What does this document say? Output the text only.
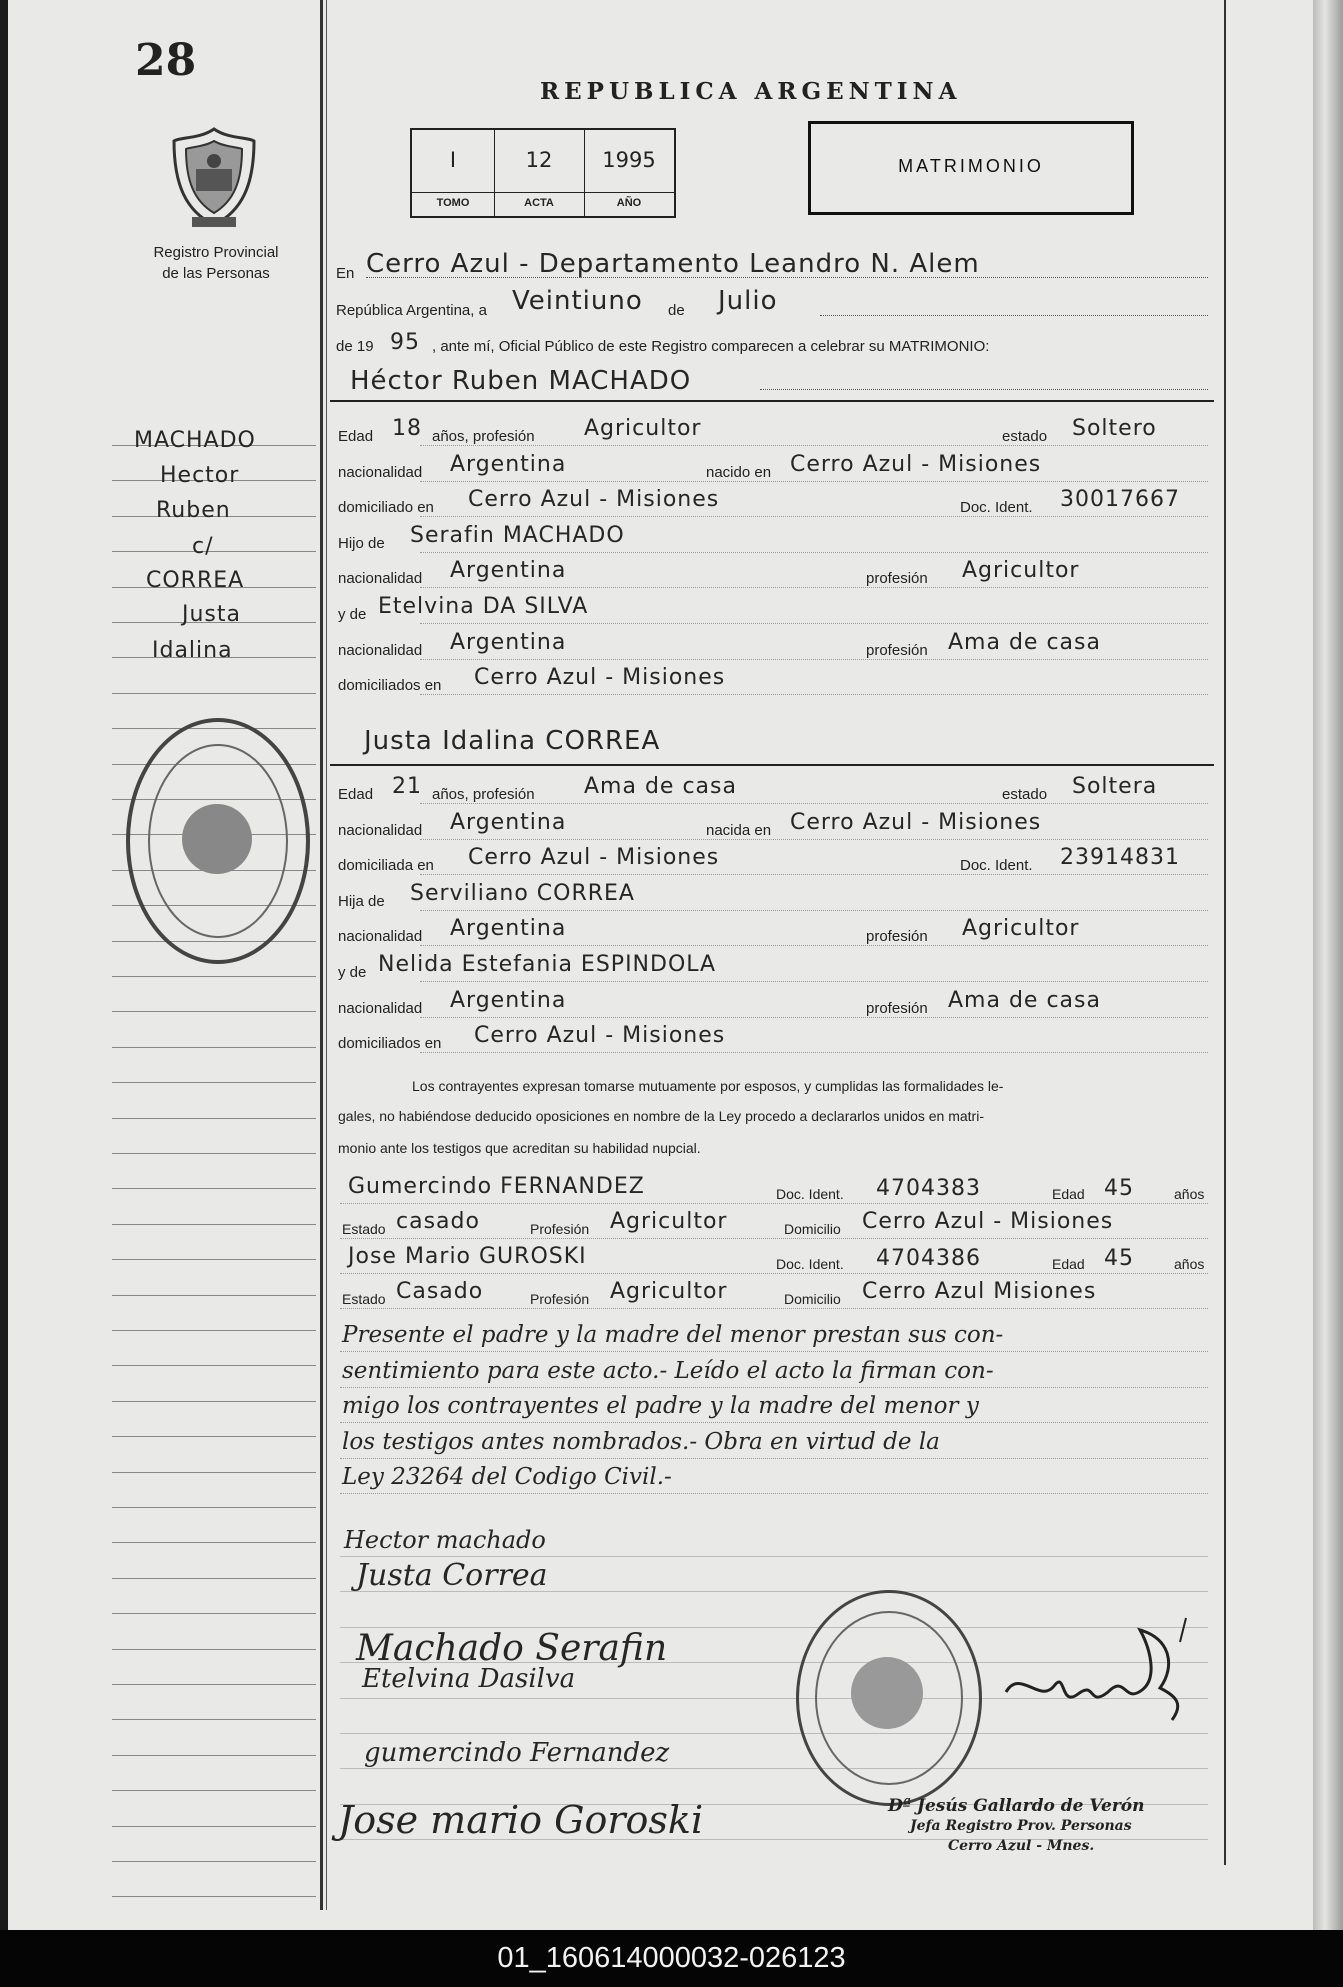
28
Registro Provincial
de las Personas
REPUBLICA ARGENTINA
I
TOMO
12
ACTA
1995
AÑO
MATRIMONIO
MACHADO
Hector
Ruben
c/
CORREA
Justa
Idalina
En Cerro Azul - Departamento Leandro N. Alem
República Argentina, a Veintiuno de Julio
de 19 95 , ante mí, Oficial Público de este Registro comparecen a celebrar su MATRIMONIO:
Héctor Ruben MACHADO
Edad 18 años, profesión Agricultor	estado Soltero
nacionalidad Argentina	nacido en Cerro Azul - Misiones
domiciliado en Cerro Azul - Misiones	Doc. Ident. 30017667
Hijo de Serafin MACHADO
nacionalidad Argentina	profesión Agricultor
y de Etelvina DA SILVA
nacionalidad Argentina	profesión Ama de casa
domiciliados en Cerro Azul - Misiones
Justa Idalina CORREA
Edad 21 años, profesión Ama de casa	estado Soltera
nacionalidad Argentina	nacida en Cerro Azul - Misiones
domiciliada en Cerro Azul - Misiones	Doc. Ident. 23914831
Hija de Serviliano CORREA
nacionalidad Argentina	profesión Agricultor
y de Nelida Estefania ESPINDOLA
nacionalidad Argentina	profesión Ama de casa
domiciliados en Cerro Azul - Misiones
Los contrayentes expresan tomarse mutuamente por esposos, y cumplidas las formalidades le-
gales, no habiéndose deducido oposiciones en nombre de la Ley procedo a declararlos unidos en matri-
monio ante los testigos que acreditan su habilidad nupcial.
Gumercindo FERNANDEZ	Doc. Ident. 4704383	Edad 45	años
Estado casado	Profesión Agricultor	Domicilio Cerro Azul - Misiones
Jose Mario GUROSKI	Doc. Ident. 4704386	Edad 45	años
Estado Casado	Profesión Agricultor	Domicilio Cerro Azul Misiones
Presente el padre y la madre del menor prestan sus con-
sentimiento para este acto.- Leído el acto la firman con-
migo los contrayentes el padre y la madre del menor y
los testigos antes nombrados.- Obra en virtud de la
Ley 23264 del Codigo Civil.-
Hector machado
Justa Correa
Machado Serafin
Etelvina Dasilva
gumercindo Fernandez
Jose mario Goroski	Dª Jesús Gallardo de Verón
Jefa Registro Prov. Personas
Cerro Azul - Mnes.
01_160614000032-026123
